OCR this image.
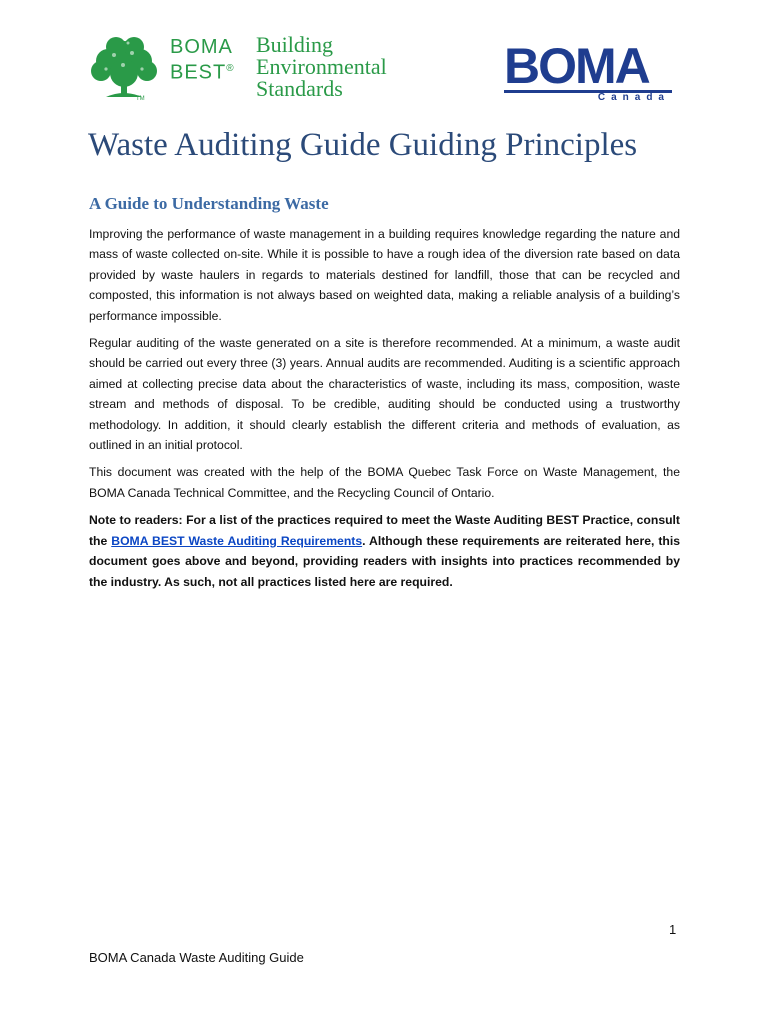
TM
BOMA
BEST®
Building
Environmental
Standards	BOMA
Canada
Waste Auditing Guide Guiding Principles
A Guide to Understanding Waste

Improving the performance of waste management in a building requires knowledge regarding the nature and mass of waste collected on-site. While it is possible to have a rough idea of the diversion rate based on data provided by waste haulers in regards to materials destined for landfill, those that can be recycled and composted, this information is not always based on weighted data, making a reliable analysis of a building’s performance impossible.

Regular auditing of the waste generated on a site is therefore recommended. At a minimum, a waste audit should be carried out every three (3) years. Annual audits are recommended. Auditing is a scientific approach aimed at collecting precise data about the characteristics of waste, including its mass, composition, waste stream and methods of disposal. To be credible, auditing should be conducted using a trustworthy methodology. In addition, it should clearly establish the different criteria and methods of evaluation, as outlined in an initial protocol.

This document was created with the help of the BOMA Quebec Task Force on Waste Management, the BOMA Canada Technical Committee, and the Recycling Council of Ontario.

Note to readers: For a list of the practices required to meet the Waste Auditing BEST Practice, consult the BOMA BEST Waste Auditing Requirements. Although these requirements are reiterated here, this document goes above and beyond, providing readers with insights into practices recommended by the industry. As such, not all practices listed here are required.

1
BOMA Canada Waste Auditing Guide
